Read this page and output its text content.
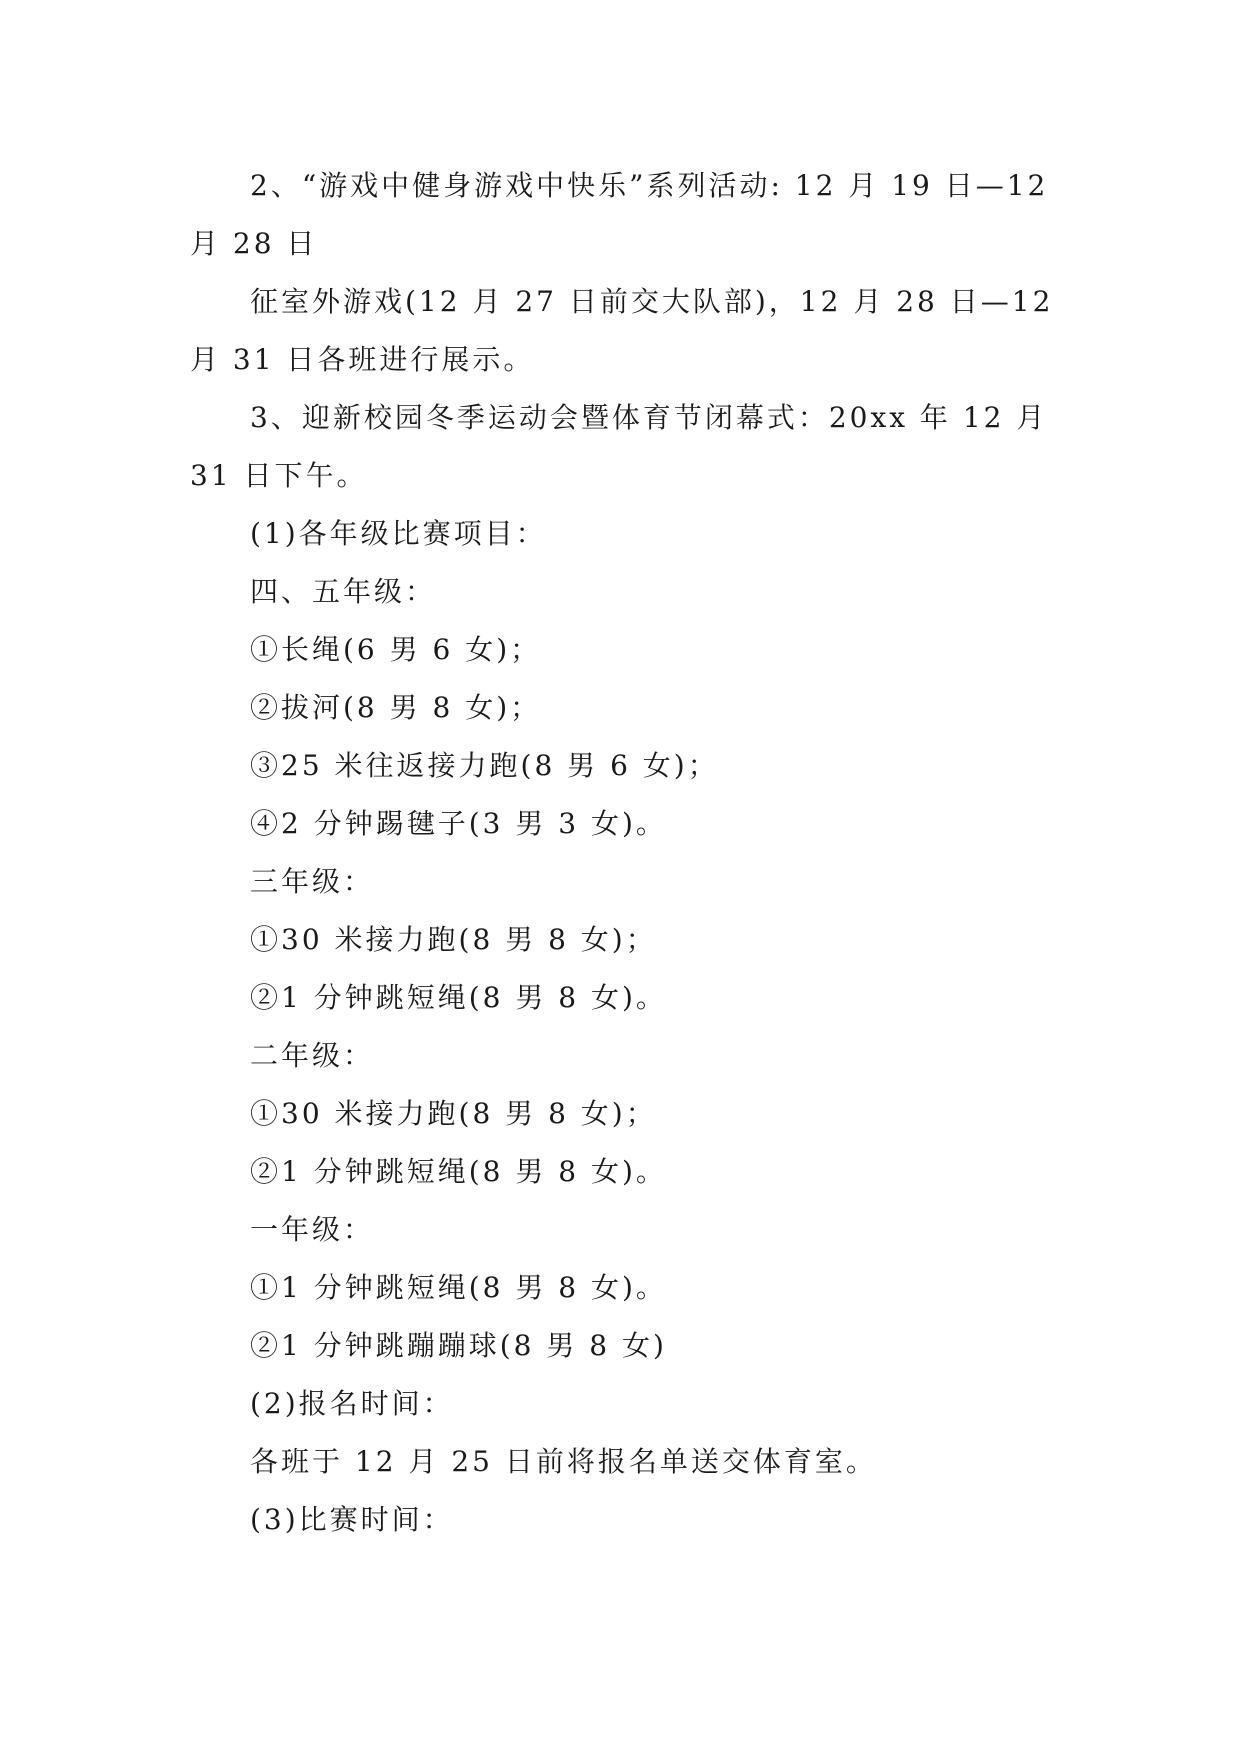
2、“游戏中健身游戏中快乐”系列活动: 12 月 19 日—12 月 28 日

征室外游戏(12 月 27 日前交大队部)，12 月 28 日—12 月 31 日各班进行展示。

3、迎新校园冬季运动会暨体育节闭幕式：20xx 年 12 月 31 日下午。

(1)各年级比赛项目：

四、五年级：

①长绳(6 男 6 女)；

②拔河(8 男 8 女)；

③25 米往返接力跑(8 男 6 女)；

④2 分钟踢毽子(3 男 3 女)。

三年级：

①30 米接力跑(8 男 8 女)；

②1 分钟跳短绳(8 男 8 女)。

二年级：

①30 米接力跑(8 男 8 女)；

②1 分钟跳短绳(8 男 8 女)。

一年级：

①1 分钟跳短绳(8 男 8 女)。

②1 分钟跳蹦蹦球(8 男 8 女)

(2)报名时间：

各班于 12 月 25 日前将报名单送交体育室。

(3)比赛时间：
